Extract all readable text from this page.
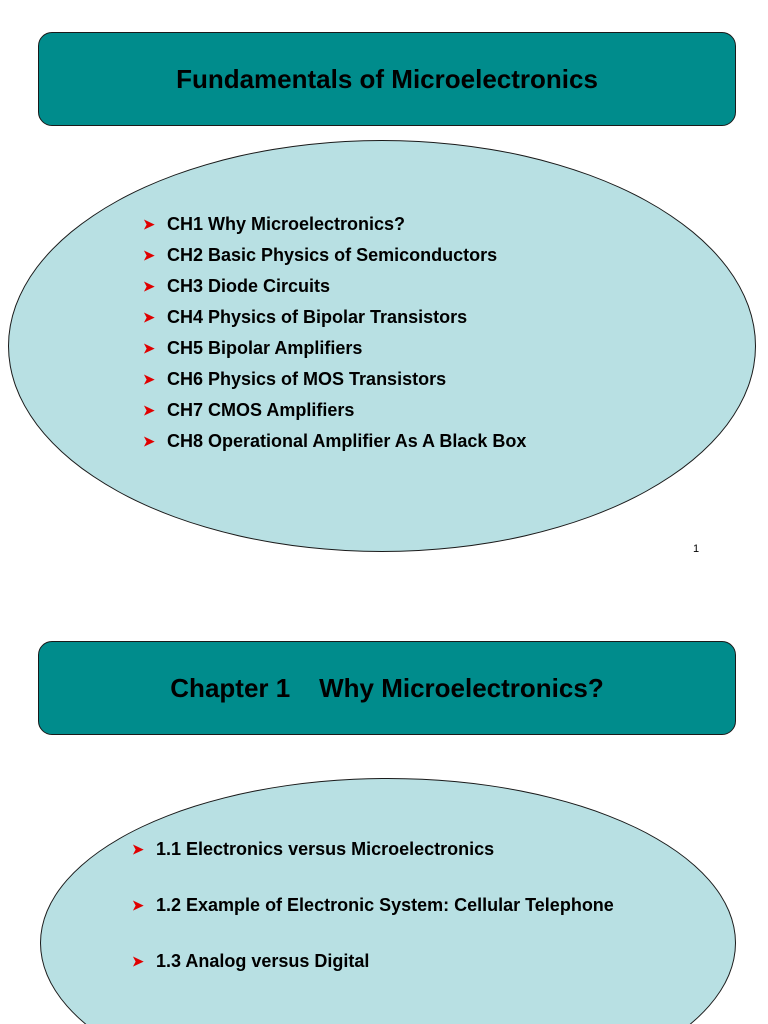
Fundamentals of Microelectronics
➤ CH1 Why Microelectronics?
➤ CH2 Basic Physics of Semiconductors
➤ CH3 Diode Circuits
➤ CH4 Physics of Bipolar Transistors
➤ CH5 Bipolar Amplifiers
➤ CH6 Physics of MOS Transistors
➤ CH7 CMOS Amplifiers
➤ CH8 Operational Amplifier As A Black Box
1
Chapter 1    Why Microelectronics?
➤ 1.1 Electronics versus Microelectronics
➤ 1.2 Example of Electronic System: Cellular Telephone
➤ 1.3 Analog versus Digital
